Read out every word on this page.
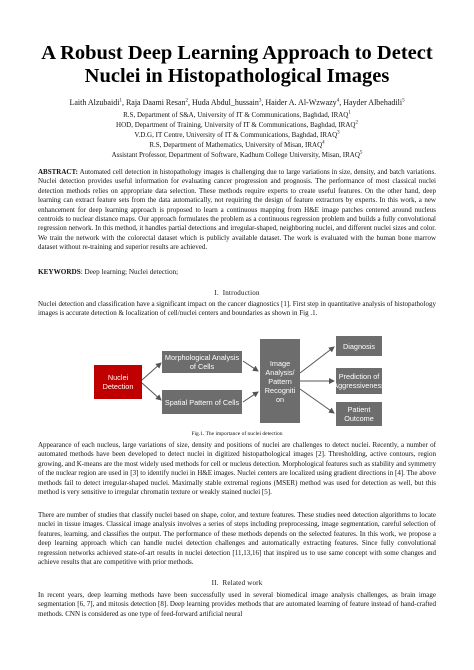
A Robust Deep Learning Approach to Detect Nuclei in Histopathological Images
Laith Alzubaidi$^1$, Raja Daami Resan$^2$, Huda Abdul_hussain$^3$, Haider A. Al-Wzwazy$^4$, Hayder Albehadili$^5$
R.S, Department of S&A, University of IT & Communications, Baghdad, IRAQ$^1$
HOD, Department of Training, University of IT & Communications, Baghdad, IRAQ$^2$
V.D.G, IT Centre, University of IT & Communications, Baghdad, IRAQ$^3$
R.S, Department of Mathematics, University of Misan, IRAQ$^4$
Assistant Professor, Department of Software, Kadhum College University, Misan, IRAQ$^5$
ABSTRACT: Automated cell detection in histopathology images is challenging due to large variations in size, density, and batch variations. Nuclei detection provides useful information for evaluating cancer progression and prognosis. The performance of most classical nuclei detection methods relies on appropriate data selection. These methods require experts to create useful features. On the other hand, deep learning can extract feature sets from the data automatically, not requiring the design of feature extractors by experts. In this work, a new enhancement for deep learning approach is proposed to learn a continuous mapping from H&E image patches centered around nucleus centroids to nuclear distance maps. Our approach formulates the problem as a continuous regression problem and builds a fully convolutional regression network. In this method, it handles partial detections and irregular-shaped, neighboring nuclei, and different nuclei sizes and color. We train the network with the colorectal dataset which is publicly available dataset. The work is evaluated with the human bone marrow dataset without re-training and superior results are achieved.
KEYWORDS: Deep learning; Nuclei detection;
I. Introduction
Nuclei detection and classification have a significant impact on the cancer diagnostics [1]. First step in quantitative analysis of histopathology images is accurate detection & localization of cell/nuclei centers and boundaries as shown in Fig .1.
Nuclei Detection
Morphological Analysis of Cells
Spatial Pattern of Cells
Image Analysis/ Pattern Recogniti on
Diagnosis
Prediction of Aggressiveness
Patient Outcome
Fig.1. The importance of nuclei detection
Appearance of each nucleus, large variations of size, density and positions of nuclei are challenges to detect nuclei. Recently, a number of automated methods have been developed to detect nuclei in digitized histopathological images [2]. Thresholding, active contours, region growing, and K-means are the most widely used methods for cell or nucleus detection. Morphological features such as stability and symmetry of the nuclear region are used in [3] to identify nuclei in H&E images. Nuclei centers are localized using gradient directions in [4]. The above methods fail to detect irregular-shaped nuclei. Maximally stable extremal regions (MSER) method was used for detection as well, but this method is very sensitive to irregular chromatin texture or weakly stained nuclei [5].
There are number of studies that classify nuclei based on shape, color, and texture features. These studies need detection algorithms to locate nuclei in tissue images. Classical image analysis involves a series of steps including preprocessing, image segmentation, careful selection of features, learning, and classifies the output. The performance of these methods depends on the selected features. In this work, we propose a deep learning approach which can handle nuclei detection challenges and automatically extracting features. Since fully convolutional regression networks achieved state-of-art results in nuclei detection [11,13,16] that inspired us to use same concept with some changes and achieve results that are competitive with prior methods.
II. Related work
In recent years, deep learning methods have been successfully used in several biomedical image analysis challenges, as brain image segmentation [6, 7], and mitosis detection [8]. Deep learning provides methods that are automated learning of feature instead of hand-crafted methods. CNN is considered as one type of feed-forward artificial neural
